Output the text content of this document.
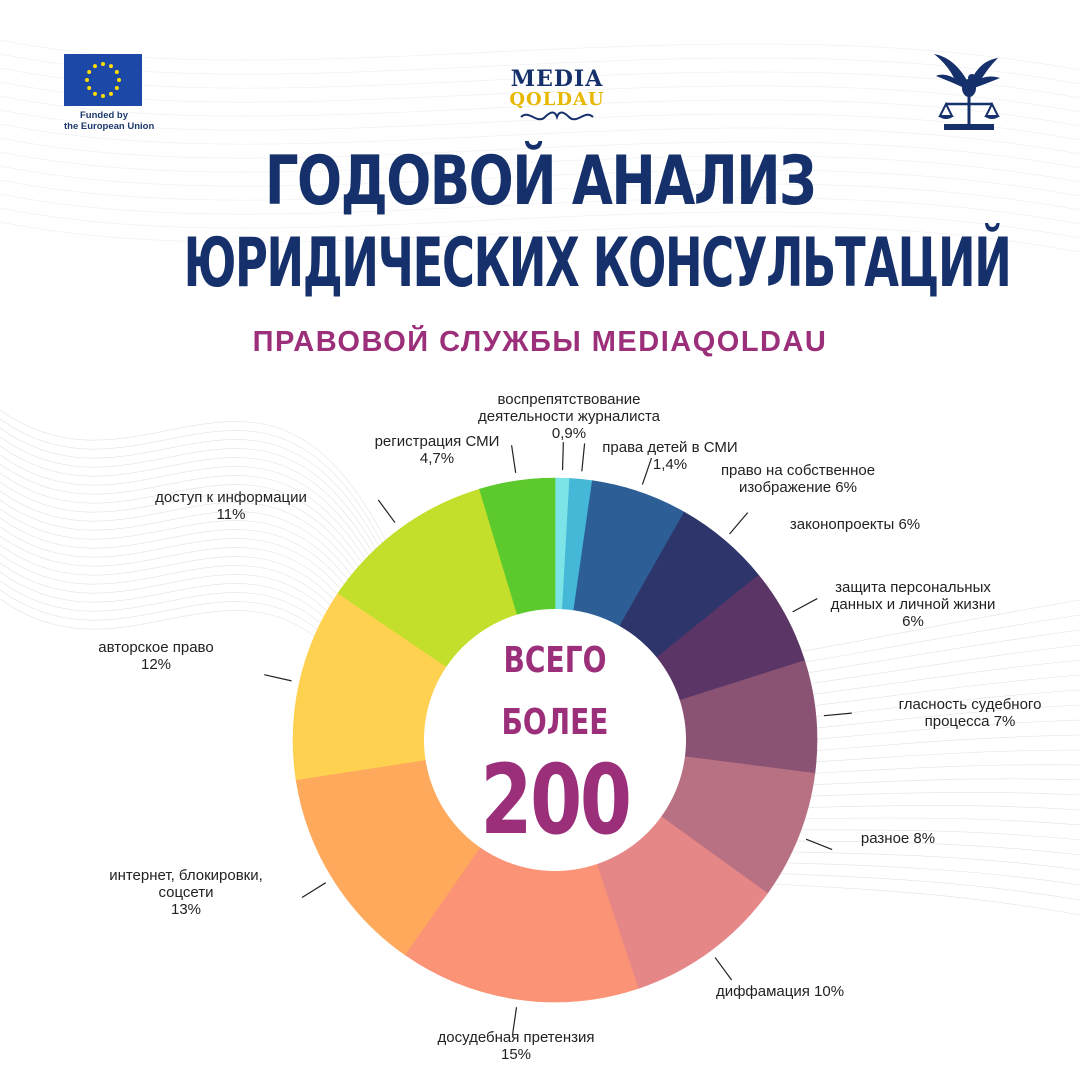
Funded by
the European Union
MEDIA
QOLDAU
ГОДОВОЙ АНАЛИЗ
ЮРИДИЧЕСКИХ КОНСУЛЬТАЦИЙ
ПРАВОВОЙ СЛУЖБЫ MEDIAQOLDAU
воспрепятствование деятельности журналиста 0,9%
права детей в СМИ 1,4%	право на собственное изображение 6%
законопроекты 6%
защита персональных данных и личной жизни 6%
гласность судебного процесса 7%
разное 8%
диффамация 10%
досудебная претензия 15%
интернет, блокировки, соцсети 13%
авторское право 12%
доступ к информации 11%
регистрация СМИ 4,7%
ВСЕГО
БОЛЕЕ
200
